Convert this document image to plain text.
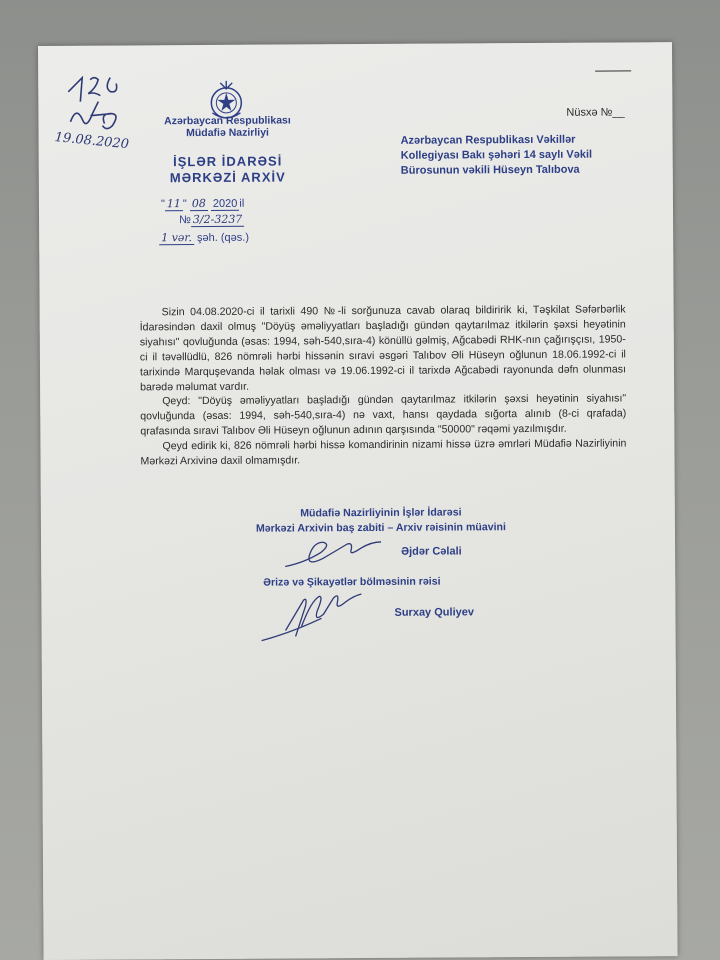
19.08.2020
Azərbaycan Respublikası
Müdafiə Nazirliyi
İŞLƏR İDARƏSİ
MƏRKƏZİ ARXİV
" 11 " 08 2020 il
№ 3/2-3237
1 vər. şəh. (qəs.)
Nüsxə №__
Azərbaycan Respublikası Vəkillər
Kollegiyası Bakı şəhəri 14 saylı Vəkil
Bürosunun vəkili Hüseyn Talıbova

Sizin 04.08.2020-ci il tarixli 490 №-li sorğunuza cavab olaraq bildiririk ki, Təşkilat Səfərbərlik İdarəsindən daxil olmuş "Döyüş əməliyyatları başladığı gündən qaytarılmaz itkilərin şəxsi heyətinin siyahısı" qovluğunda (əsas: 1994, səh-540,sıra-4) könüllü gəlmiş, Ağcabədi RHK-nın çağırışçısı, 1950-ci il təvəllüdlü, 826 nömrəli hərbi hissənin sıravi əsgəri Talıbov Əli Hüseyn oğlunun 18.06.1992-ci il tarixində Marquşevanda həlak olması və 19.06.1992-ci il tarixdə Ağcabədi rayonunda dəfn olunması barədə məlumat vardır.

Qeyd: "Döyüş əməliyyatları başladığı gündən qaytarılmaz itkilərin şəxsi heyətinin siyahısı" qovluğunda (əsas: 1994, səh-540,sıra-4) nə vaxt, hansı qaydada sığorta alınıb (8-ci qrafada) qrafasında sıravi Talıbov Əli Hüseyn oğlunun adının qarşısında "50000" rəqəmi yazılmışdır.

Qeyd edirik ki, 826 nömrəli hərbi hissə komandirinin nizami hissə üzrə əmrləri Müdafiə Nazirliyinin Mərkəzi Arxivinə daxil olmamışdır.

Müdafiə Nazirliyinin İşlər İdarəsi
Mərkəzi Arxivin baş zabiti – Arxiv rəisinin müavini
Əjdər Cəlali
Ərizə və Şikayətlər bölməsinin rəisi
Surxay Quliyev
